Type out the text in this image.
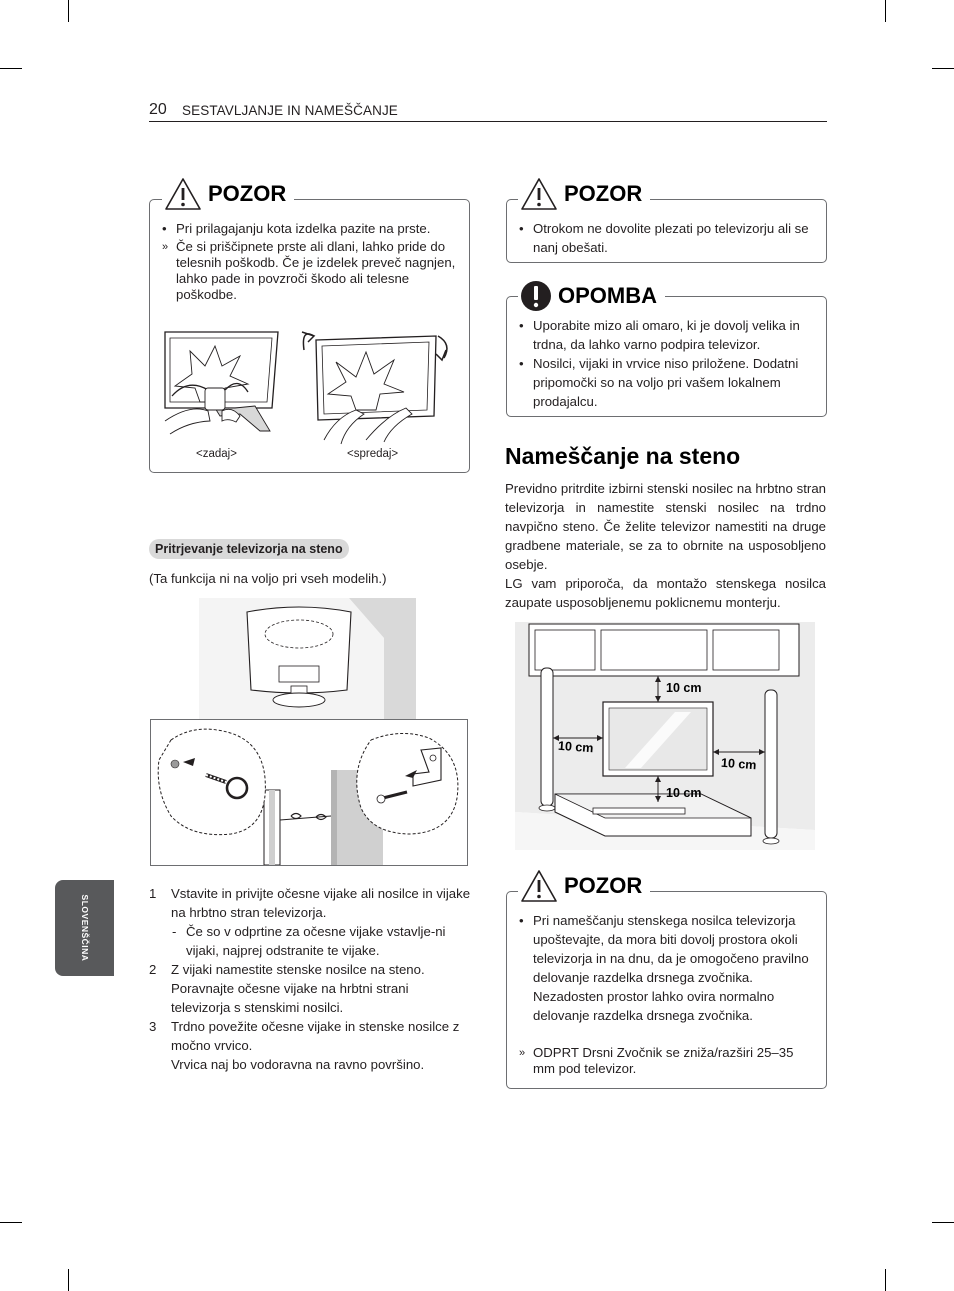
20 SESTAVLJANJE IN NAMEŠČANJE
SLOVENŠČINA
POZOR
• Pri prilagajanju kota izdelka pazite na prste.
» Če si priščipnete prste ali dlani, lahko pride do telesnih poškodb. Če je izdelek preveč nagnjen, lahko pade in povzroči škodo ali telesne poškodbe.
<zadaj>	<spredaj>
Pritrjevanje televizorja na steno
(Ta funkcija ni na voljo pri vseh modelih.)
1 Vstavite in privijte očesne vijake ali nosilce in vijake na hrbtno stran televizorja.
- Če so v odprtine za očesne vijake vstavlje-ni vijaki, najprej odstranite te vijake.
2 Z vijaki namestite stenske nosilce na steno. Poravnajte očesne vijake na hrbtni strani televizorja s stenskimi nosilci.
3 Trdno povežite očesne vijake in stenske nosilce z močno vrvico.
Vrvica naj bo vodoravna na ravno površino.
POZOR
• Otrokom ne dovolite plezati po televizorju ali se nanj obešati.
OPOMBA
• Uporabite mizo ali omaro, ki je dovolj velika in trdna, da lahko varno podpira televizor.
• Nosilci, vijaki in vrvice niso priložene. Dodatni pripomočki so na voljo pri vašem lokalnem prodajalcu.
Nameščanje na steno
Previdno pritrdite izbirni stenski nosilec na hrbtno stran televizorja in namestite stenski nosilec na trdno navpično steno. Če želite televizor namestiti na druge gradbene materiale, se za to obrnite na usposobljeno osebje.
LG vam priporoča, da montažo stenskega nosilca zaupate usposobljenemu poklicnemu monterju.
10 cm
10 cm
10 cm
10 cm
POZOR
• Pri nameščanju stenskega nosilca televizorja upoštevajte, da mora biti dovolj prostora okoli televizorja in na dnu, da je omogočeno pravilno delovanje razdelka drsnega zvočnika. Nezadosten prostor lahko ovira normalno delovanje razdelka drsnega zvočnika.
» ODPRT Drsni Zvočnik se zniža/razširi 25–35 mm pod televizor.
